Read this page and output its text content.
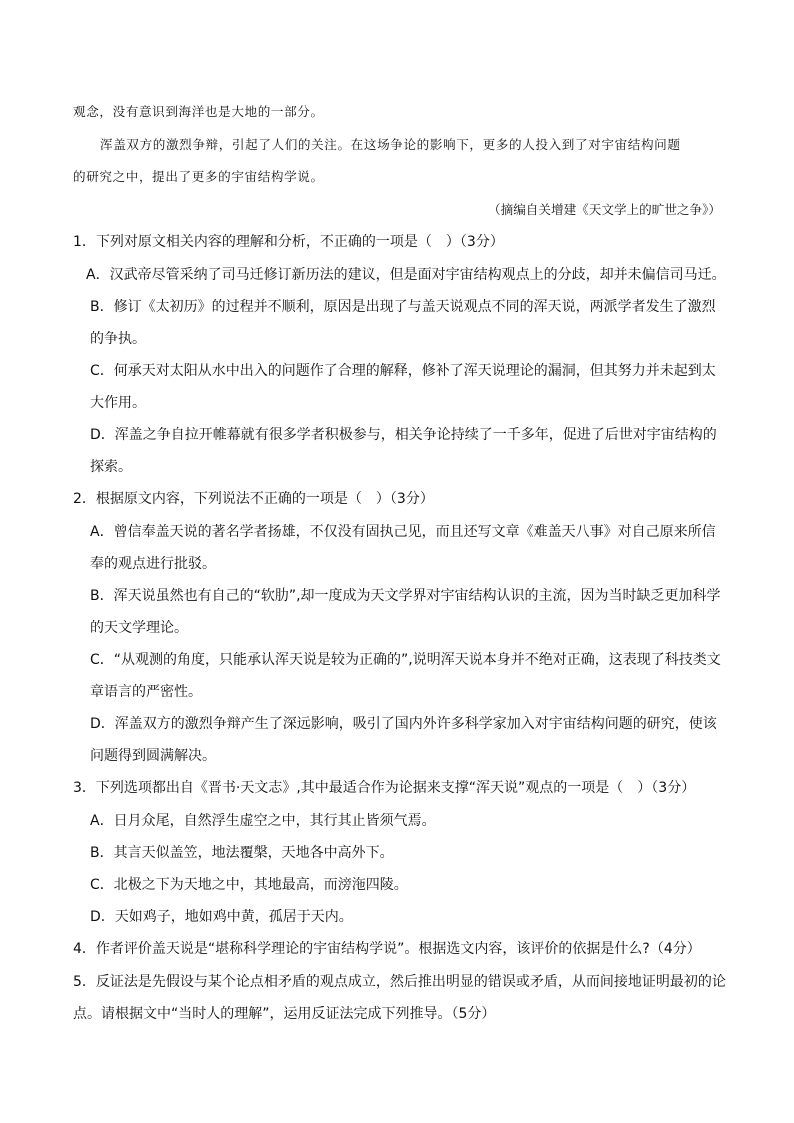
观念，没有意识到海洋也是大地的一部分。
浑盖双方的激烈争辩，引起了人们的关注。在这场争论的影响下，更多的人投入到了对宇宙结构问题
的研究之中，提出了更多的宇宙结构学说。
（摘编自关增建《天文学上的旷世之争》）
1．下列对原文相关内容的理解和分析，不正确的一项是（　）（3分）
A．汉武帝尽管采纳了司马迁修订新历法的建议，但是面对宇宙结构观点上的分歧，却并未偏信司马迁。
B．修订《太初历》的过程并不顺利，原因是出现了与盖天说观点不同的浑天说，两派学者发生了激烈
的争执。
C．何承天对太阳从水中出入的问题作了合理的解释，修补了浑天说理论的漏洞，但其努力并未起到太
大作用。
D．浑盖之争自拉开帷幕就有很多学者积极参与，相关争论持续了一千多年，促进了后世对宇宙结构的
探索。
2．根据原文内容，下列说法不正确的一项是（　）（3分）
A．曾信奉盖天说的著名学者扬雄，不仅没有固执己见，而且还写文章《难盖天八事》对自己原来所信
奉的观点进行批驳。
B．浑天说虽然也有自己的“软肋”,却一度成为天文学界对宇宙结构认识的主流，因为当时缺乏更加科学
的天文学理论。
C．“从观测的角度，只能承认浑天说是较为正确的”,说明浑天说本身并不绝对正确，这表现了科技类文
章语言的严密性。
D．浑盖双方的激烈争辩产生了深远影响，吸引了国内外许多科学家加入对宇宙结构问题的研究，使该
问题得到圆满解决。
3．下列选项都出自《晋书·天文志》,其中最适合作为论据来支撑“浑天说”观点的一项是（　）（3分）
A．日月众尾，自然浮生虚空之中，其行其止皆须气焉。
B．其言天似盖笠，地法覆槃，天地各中高外下。
C．北极之下为天地之中，其地最高，而滂沲四陵。
D．天如鸡子，地如鸡中黄，孤居于天内。
4．作者评价盖天说是“堪称科学理论的宇宙结构学说”。根据选文内容，该评价的依据是什么?（4分）
5．反证法是先假设与某个论点相矛盾的观点成立，然后推出明显的错误或矛盾，从而间接地证明最初的论
点。请根据文中“当时人的理解”，运用反证法完成下列推导。（5分）
